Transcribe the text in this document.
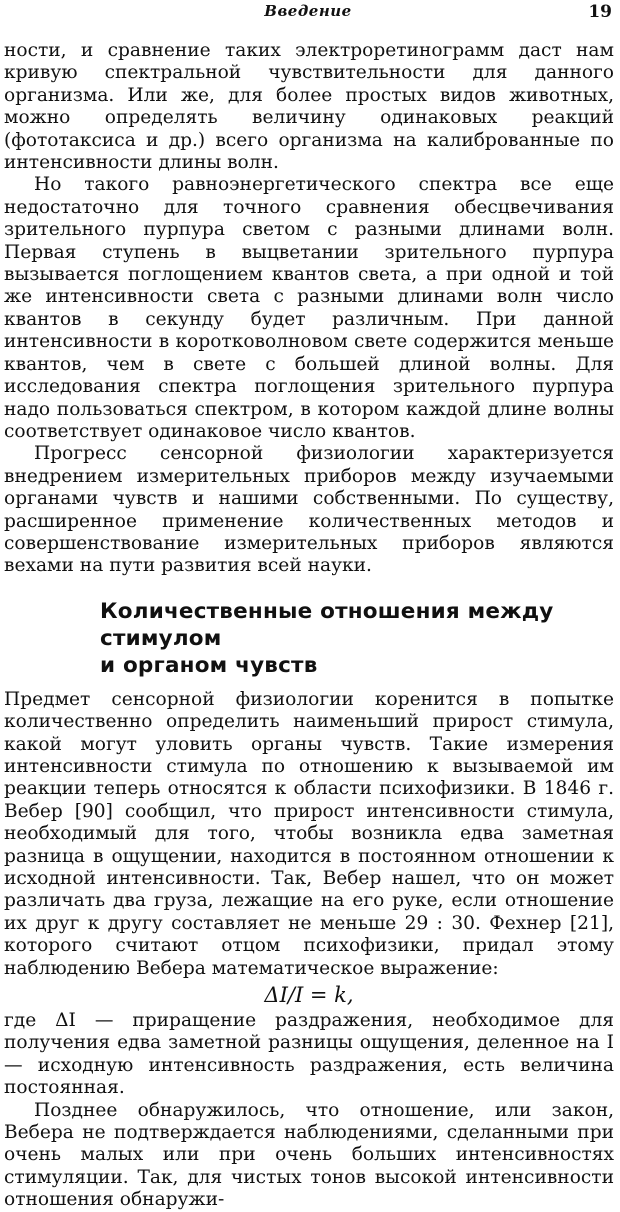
Введение	19

ности, и сравнение таких электроретинограмм даст нам кривую спектральной чувствительности для данного организма. Или же, для более простых видов животных, можно определять величину одинаковых реакций (фототаксиса и др.) всего организма на калиброванные по интенсивности длины волн.

Но такого равноэнергетического спектра все еще недостаточно для точного сравнения обесцвечивания зрительного пурпура светом с разными длинами волн. Первая ступень в выцветании зрительного пурпура вызывается поглощением квантов света, а при одной и той же интенсивности света с разными длинами волн число квантов в секунду будет различным. При данной интенсивности в коротковолновом свете содержится меньше квантов, чем в свете с большей длиной волны. Для исследования спектра поглощения зрительного пурпура надо пользоваться спектром, в котором каждой длине волны соответствует одинаковое число квантов.

Прогресс сенсорной физиологии характеризуется внедрением измерительных приборов между изучаемыми органами чувств и нашими собственными. По существу, расширенное применение количественных методов и совершенствование измерительных приборов являются вехами на пути развития всей науки.

Количественные отношения между стимулом
и органом чувств

Предмет сенсорной физиологии коренится в попытке количественно определить наименьший прирост стимула, какой могут уловить органы чувств. Такие измерения интенсивности стимула по отношению к вызываемой им реакции теперь относятся к области психофизики. В 1846 г. Вебер [90] сообщил, что прирост интенсивности стимула, необходимый для того, чтобы возникла едва заметная разница в ощущении, находится в постоянном отношении к исходной интенсивности. Так, Вебер нашел, что он может различать два груза, лежащие на его руке, если отношение их друг к другу составляет не меньше 29 : 30. Фехнер [21], которого считают отцом психофизики, придал этому наблюдению Вебера математическое выражение:

ΔI/I = k,

где ΔI — приращение раздражения, необходимое для получения едва заметной разницы ощущения, деленное на I — исходную интенсивность раздражения, есть величина постоянная.

Позднее обнаружилось, что отношение, или закон, Вебера не подтверждается наблюдениями, сделанными при очень малых или при очень больших интенсивностях стимуляции. Так, для чистых тонов высокой интенсивности отношения обнаружи-
